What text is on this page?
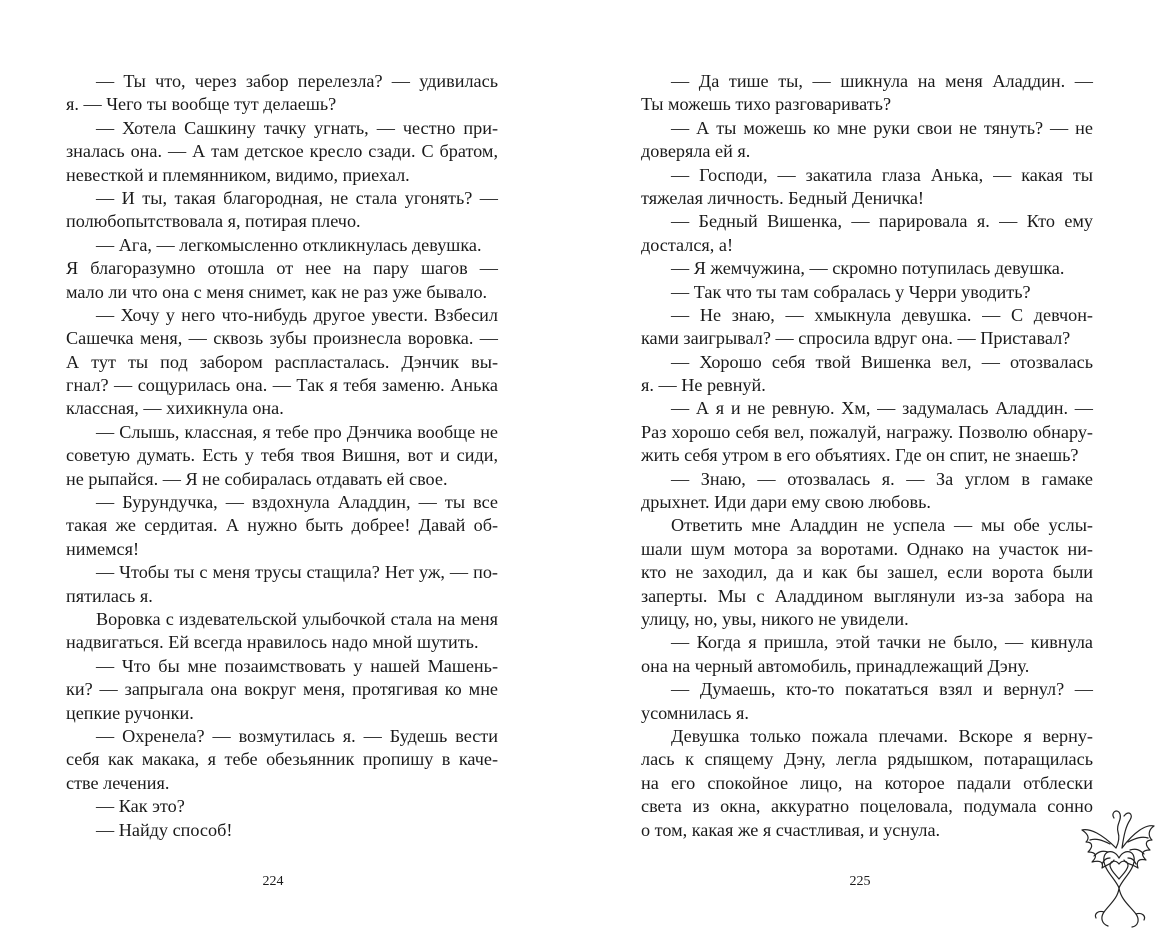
— Ты что, через забор перелезла? — удивилась
я. — Чего ты вообще тут делаешь?
— Хотела Сашкину тачку угнать, — честно при-
зналась она. — А там детское кресло сзади. С братом,
невесткой и племянником, видимо, приехал.
— И ты, такая благородная, не стала угонять? —
полюбопытствовала я, потирая плечо.
— Ага, — легкомысленно откликнулась девушка.
Я благоразумно отошла от нее на пару шагов —
мало ли что она с меня снимет, как не раз уже бывало.
— Хочу у него что-нибудь другое увести. Взбесил
Сашечка меня, — сквозь зубы произнесла воровка. —
А тут ты под забором распласталась. Дэнчик вы-
гнал? — сощурилась она. — Так я тебя заменю. Анька
классная, — хихикнула она.
— Слышь, классная, я тебе про Дэнчика вообще не
советую думать. Есть у тебя твоя Вишня, вот и сиди,
не рыпайся. — Я не собиралась отдавать ей свое.
— Бурундучка, — вздохнула Аладдин, — ты все
такая же сердитая. А нужно быть добрее! Давай об-
нимемся!
— Чтобы ты с меня трусы стащила? Нет уж, — по-
пятилась я.
Воровка с издевательской улыбочкой стала на меня
надвигаться. Ей всегда нравилось надо мной шутить.
— Что бы мне позаимствовать у нашей Машень-
ки? — запрыгала она вокруг меня, протягивая ко мне
цепкие ручонки.
— Охренела? — возмутилась я. — Будешь вести
себя как макака, я тебе обезьянник пропишу в каче-
стве лечения.
— Как это?
— Найду способ!
— Да тише ты, — шикнула на меня Аладдин. —
Ты можешь тихо разговаривать?
— А ты можешь ко мне руки свои не тянуть? — не
доверяла ей я.
— Господи, — закатила глаза Анька, — какая ты
тяжелая личность. Бедный Деничка!
— Бедный Вишенка, — парировала я. — Кто ему
достался, а!
— Я жемчужина, — скромно потупилась девушка.
— Так что ты там собралась у Черри уводить?
— Не знаю, — хмыкнула девушка. — С девчон-
ками заигрывал? — спросила вдруг она. — Приставал?
— Хорошо себя твой Вишенка вел, — отозвалась
я. — Не ревнуй.
— А я и не ревную. Хм, — задумалась Аладдин. —
Раз хорошо себя вел, пожалуй, награжу. Позволю обнару-
жить себя утром в его объятиях. Где он спит, не знаешь?
— Знаю, — отозвалась я. — За углом в гамаке
дрыхнет. Иди дари ему свою любовь.
Ответить мне Аладдин не успела — мы обе услы-
шали шум мотора за воротами. Однако на участок ни-
кто не заходил, да и как бы зашел, если ворота были
заперты. Мы с Аладдином выглянули из-за забора на
улицу, но, увы, никого не увидели.
— Когда я пришла, этой тачки не было, — кивнула
она на черный автомобиль, принадлежащий Дэну.
— Думаешь, кто-то покататься взял и вернул? —
усомнилась я.
Девушка только пожала плечами. Вскоре я верну-
лась к спящему Дэну, легла рядышком, потаращилась
на его спокойное лицо, на которое падали отблески
света из окна, аккуратно поцеловала, подумала сонно
о том, какая же я счастливая, и уснула.
224	225
